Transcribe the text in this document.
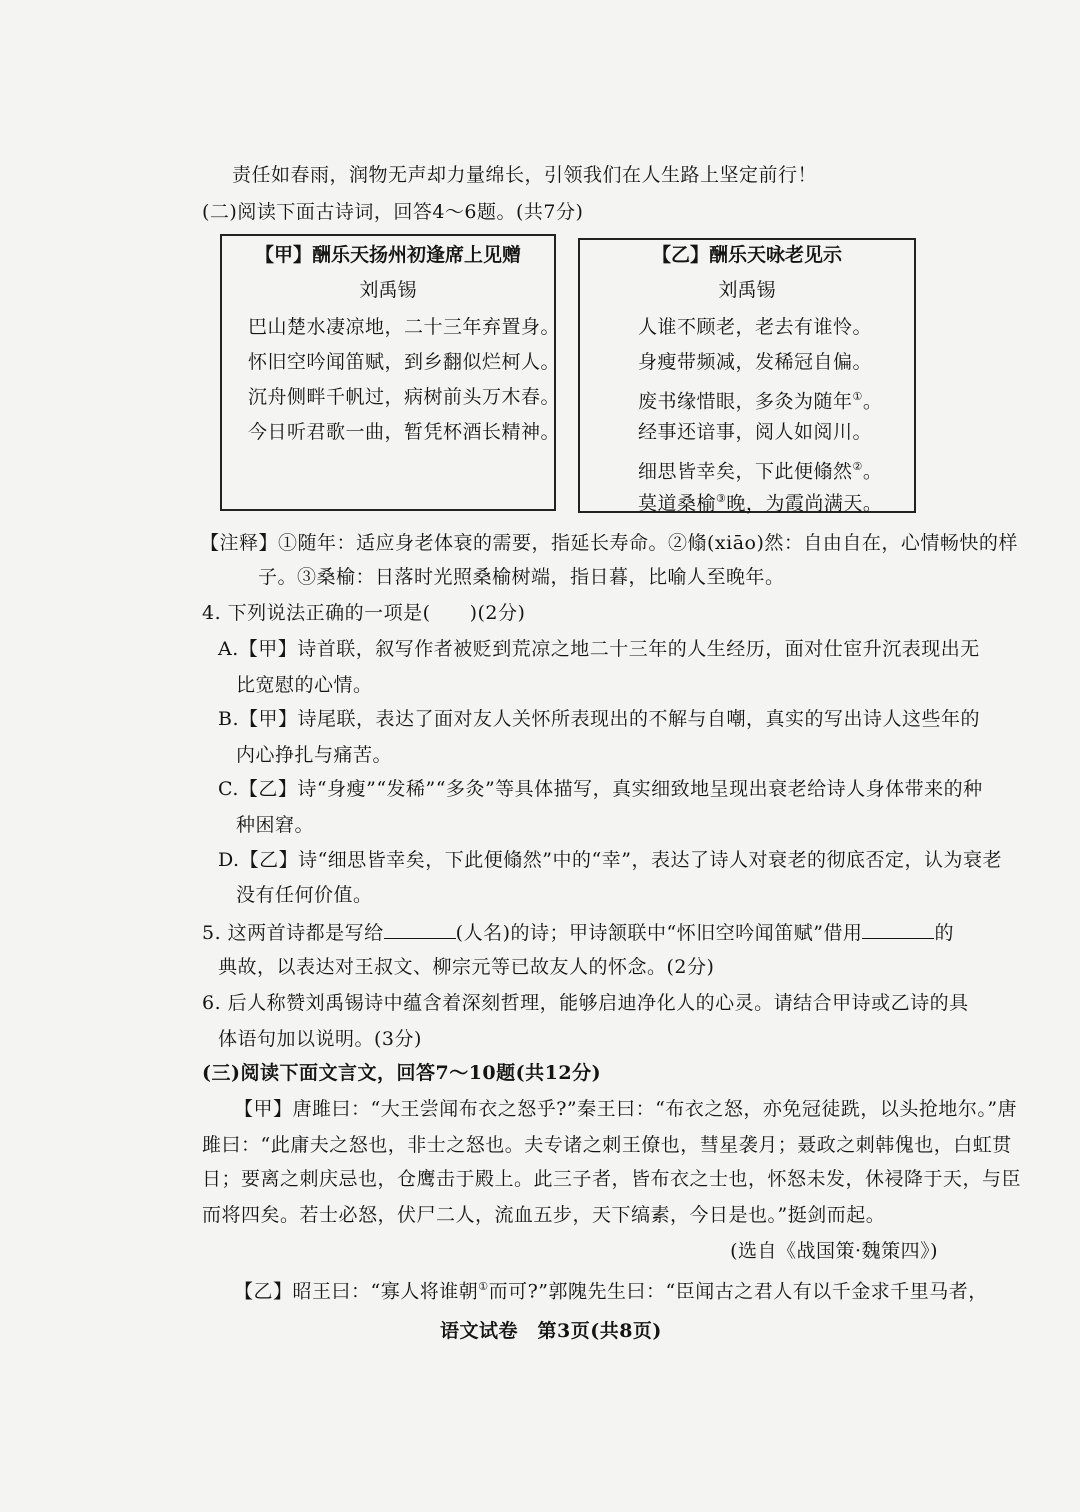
责任如春雨，润物无声却力量绵长，引领我们在人生路上坚定前行！
(二)阅读下面古诗词，回答4～6题。(共7分)
【甲】酬乐天扬州初逢席上见赠
刘禹锡
巴山楚水凄凉地，二十三年弃置身。
怀旧空吟闻笛赋，到乡翻似烂柯人。
沉舟侧畔千帆过，病树前头万木春。
今日听君歌一曲，暂凭杯酒长精神。
【乙】酬乐天咏老见示
刘禹锡
人谁不顾老，老去有谁怜。
身瘦带频减，发稀冠自偏。
废书缘惜眼，多灸为随年①。
经事还谙事，阅人如阅川。
细思皆幸矣，下此便翛然②。
莫道桑榆③晚，为霞尚满天。
【注释】①随年：适应身老体衰的需要，指延长寿命。②翛(xiāo)然：自由自在，心情畅快的样
子。③桑榆：日落时光照桑榆树端，指日暮，比喻人至晚年。
4. 下列说法正确的一项是(　　)(2分)
A.【甲】诗首联，叙写作者被贬到荒凉之地二十三年的人生经历，面对仕宦升沉表现出无
比宽慰的心情。
B.【甲】诗尾联，表达了面对友人关怀所表现出的不解与自嘲，真实的写出诗人这些年的
内心挣扎与痛苦。
C.【乙】诗“身瘦”“发稀”“多灸”等具体描写，真实细致地呈现出衰老给诗人身体带来的种
种困窘。
D.【乙】诗“细思皆幸矣，下此便翛然”中的“幸”，表达了诗人对衰老的彻底否定，认为衰老
没有任何价值。
5. 这两首诗都是写给	(人名)的诗；甲诗颔联中“怀旧空吟闻笛赋”借用	的
典故，以表达对王叔文、柳宗元等已故友人的怀念。(2分)
6. 后人称赞刘禹锡诗中蕴含着深刻哲理，能够启迪净化人的心灵。请结合甲诗或乙诗的具
体语句加以说明。(3分)
(三)阅读下面文言文，回答7～10题(共12分)
【甲】唐雎曰：“大王尝闻布衣之怒乎?”秦王曰：“布衣之怒，亦免冠徒跣，以头抢地尔。”唐
雎曰：“此庸夫之怒也，非士之怒也。夫专诸之刺王僚也，彗星袭月；聂政之刺韩傀也，白虹贯
日；要离之刺庆忌也，仓鹰击于殿上。此三子者，皆布衣之士也，怀怒未发，休祲降于天，与臣
而将四矣。若士必怒，伏尸二人，流血五步，天下缟素，今日是也。”挺剑而起。
(选自《战国策·魏策四》)
【乙】昭王曰：“寡人将谁朝①而可?”郭隗先生曰：“臣闻古之君人有以千金求千里马者，
语文试卷　第3页(共8页)
